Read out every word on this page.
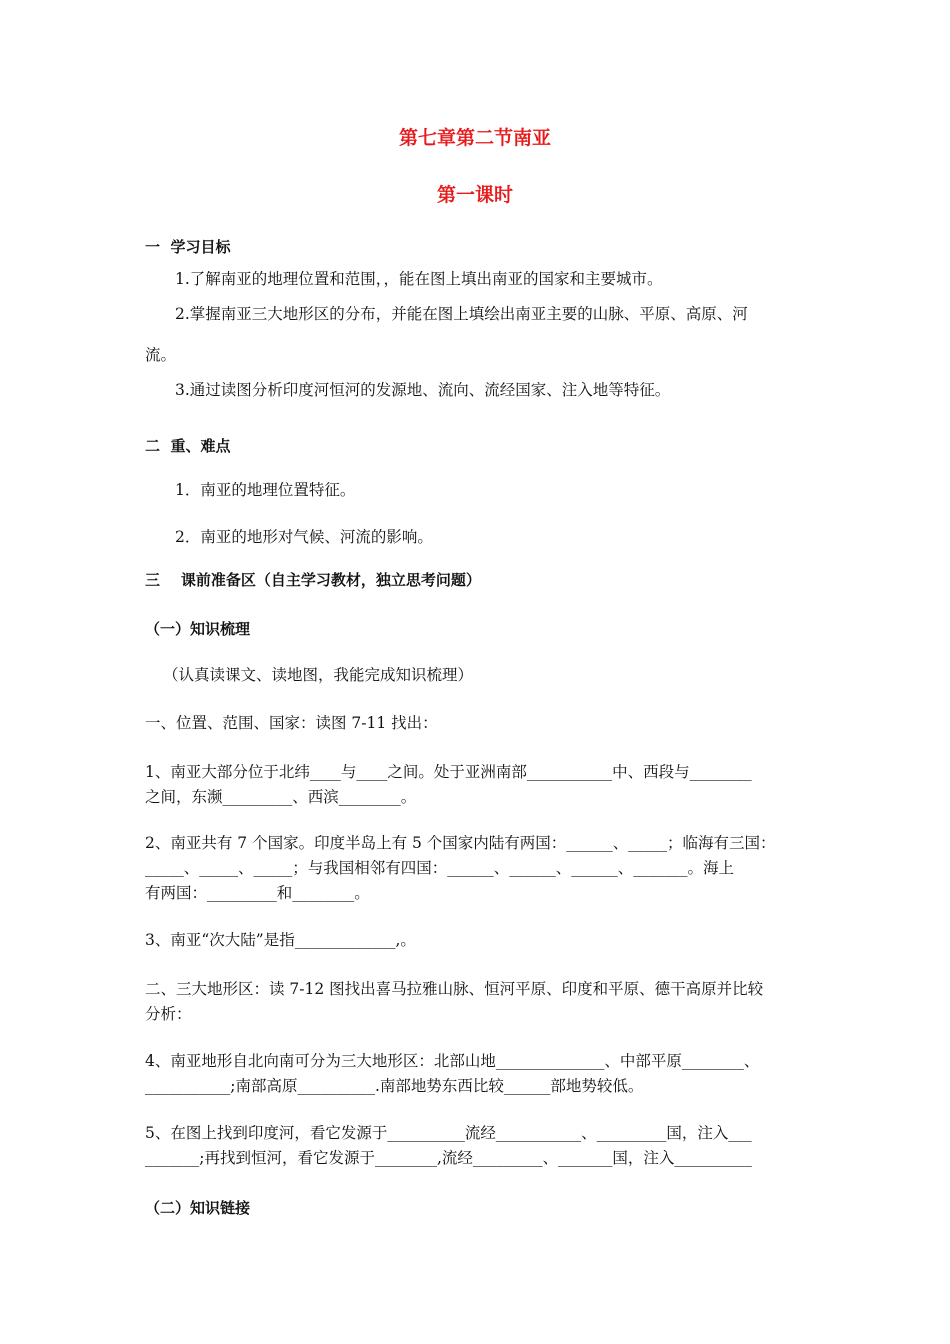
第七章第二节南亚
第一课时
一  学习目标
1.了解南亚的地理位置和范围，，能在图上填出南亚的国家和主要城市。
2.掌握南亚三大地形区的分布，并能在图上填绘出南亚主要的山脉、平原、高原、河
流。
3.通过读图分析印度河恒河的发源地、流向、流经国家、注入地等特征。
二  重、难点
1．南亚的地理位置特征。
2．南亚的地形对气候、河流的影响。
三    课前准备区（自主学习教材，独立思考问题）
（一）知识梳理
（认真读课文、读地图，我能完成知识梳理）
一、位置、范围、国家：读图 7-11 找出：
1、南亚大部分位于北纬____与____之间。处于亚洲南部___________中、西段与________
之间，东濒_________、西滨________。
2、南亚共有 7 个国家。印度半岛上有 5 个国家内陆有两国：______、_____；临海有三国：
_____、_____、_____；与我国相邻有四国：______、______、______、_______。海上
有两国：_________和________。
3、南亚“次大陆”是指_____________,。
二、三大地形区：读 7-12 图找出喜马拉雅山脉、恒河平原、印度和平原、德干高原并比较
分析：
4、南亚地形自北向南可分为三大地形区：北部山地______________、中部平原________、
___________;南部高原__________.南部地势东西比较______部地势较低。
5、在图上找到印度河，看它发源于__________流经___________、_________国，注入___
_______;再找到恒河，看它发源于________,流经_________、_______国，注入__________
（二）知识链接
